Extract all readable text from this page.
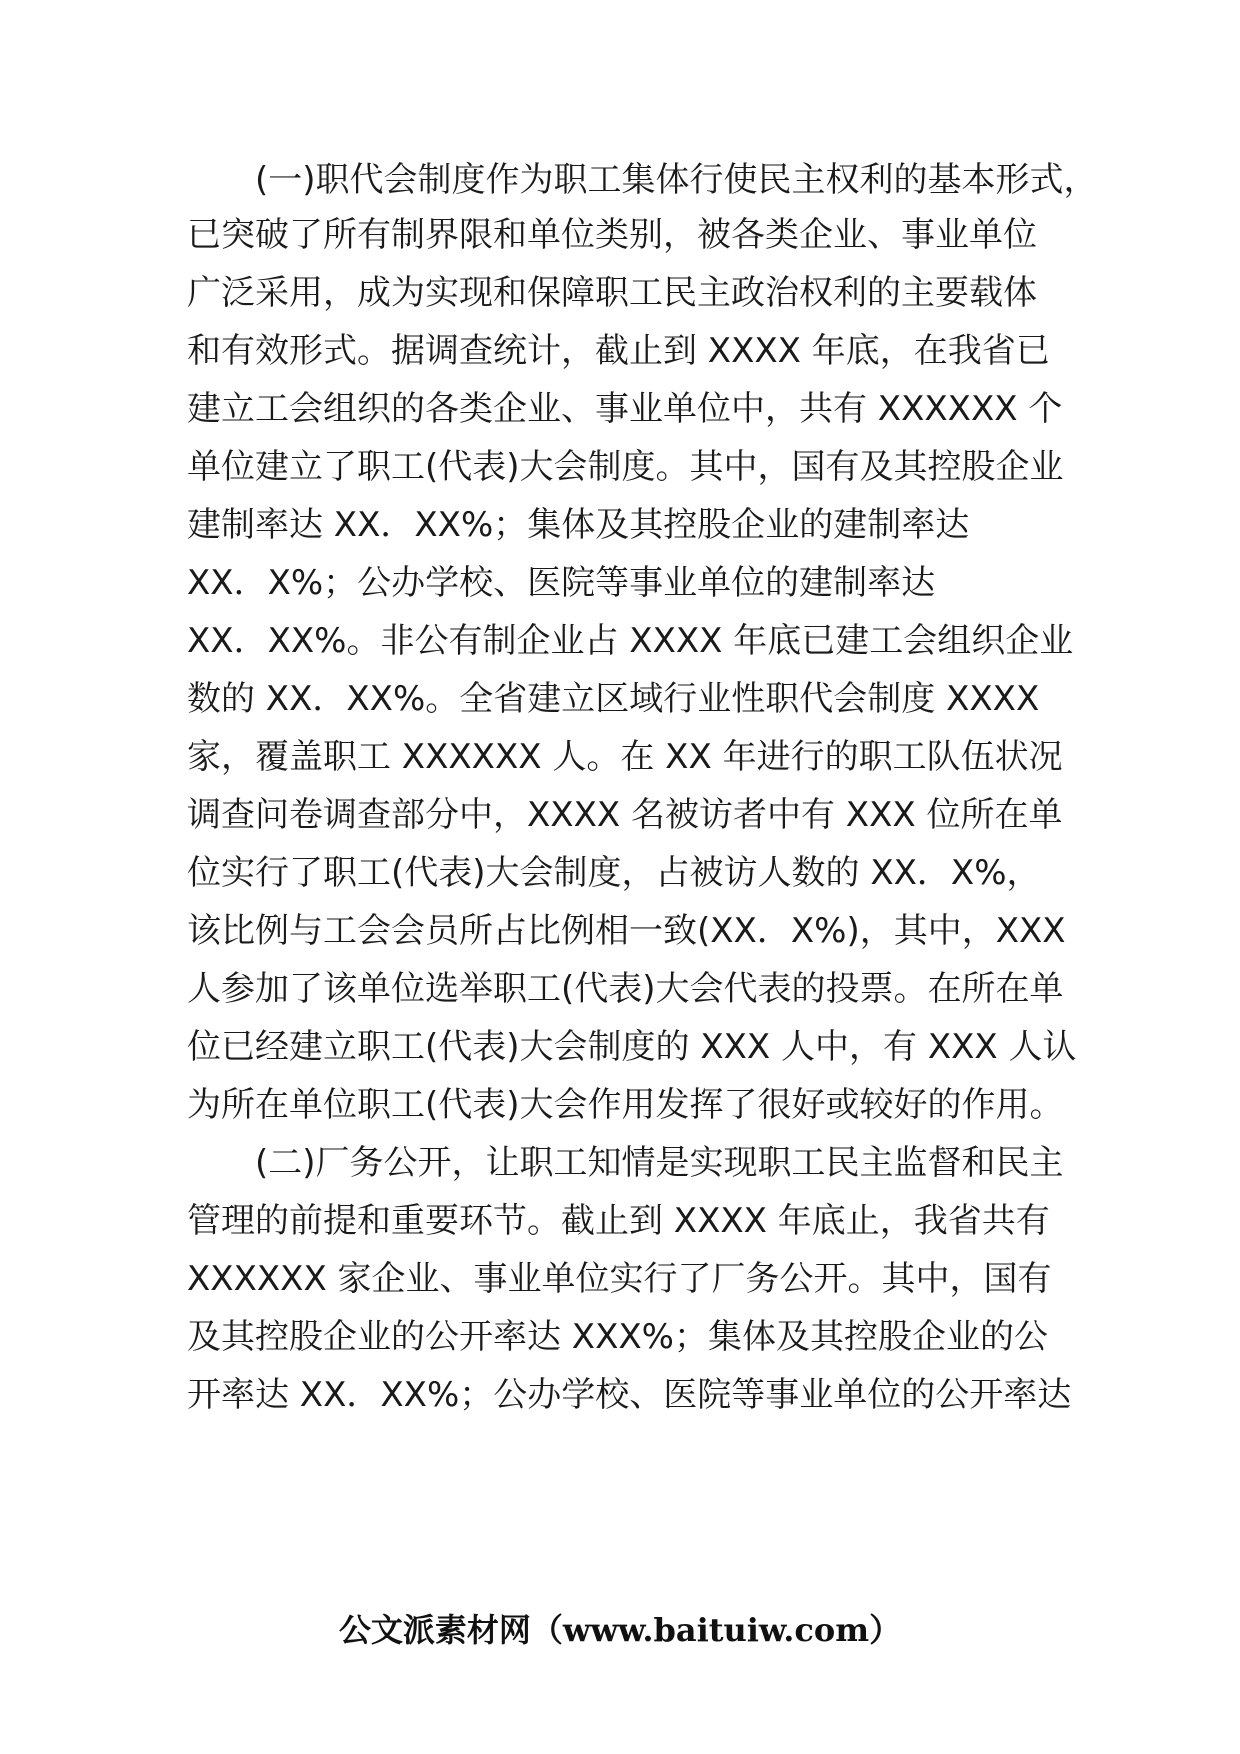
(一)职代会制度作为职工集体行使民主权利的基本形式，

已突破了所有制界限和单位类别，被各类企业、事业单位

广泛采用，成为实现和保障职工民主政治权利的主要载体

和有效形式。据调查统计，截止到 XXXX 年底，在我省已

建立工会组织的各类企业、事业单位中，共有 XXXXXX 个

单位建立了职工(代表)大会制度。其中，国有及其控股企业

建制率达 XX．XX%；集体及其控股企业的建制率达

XX．X%；公办学校、医院等事业单位的建制率达

XX．XX%。非公有制企业占 XXXX 年底已建工会组织企业

数的 XX．XX%。全省建立区域行业性职代会制度 XXXX

家，覆盖职工 XXXXXX 人。在 XX 年进行的职工队伍状况

调查问卷调查部分中，XXXX 名被访者中有 XXX 位所在单

位实行了职工(代表)大会制度，占被访人数的 XX．X%，

该比例与工会会员所占比例相一致(XX．X%)，其中，XXX

人参加了该单位选举职工(代表)大会代表的投票。在所在单

位已经建立职工(代表)大会制度的 XXX 人中，有 XXX 人认

为所在单位职工(代表)大会作用发挥了很好或较好的作用。

(二)厂务公开，让职工知情是实现职工民主监督和民主

管理的前提和重要环节。截止到 XXXX 年底止，我省共有

XXXXXX 家企业、事业单位实行了厂务公开。其中，国有

及其控股企业的公开率达 XXX%；集体及其控股企业的公

开率达 XX．XX%；公办学校、医院等事业单位的公开率达

公文派素材网（www.baituiw.com）
